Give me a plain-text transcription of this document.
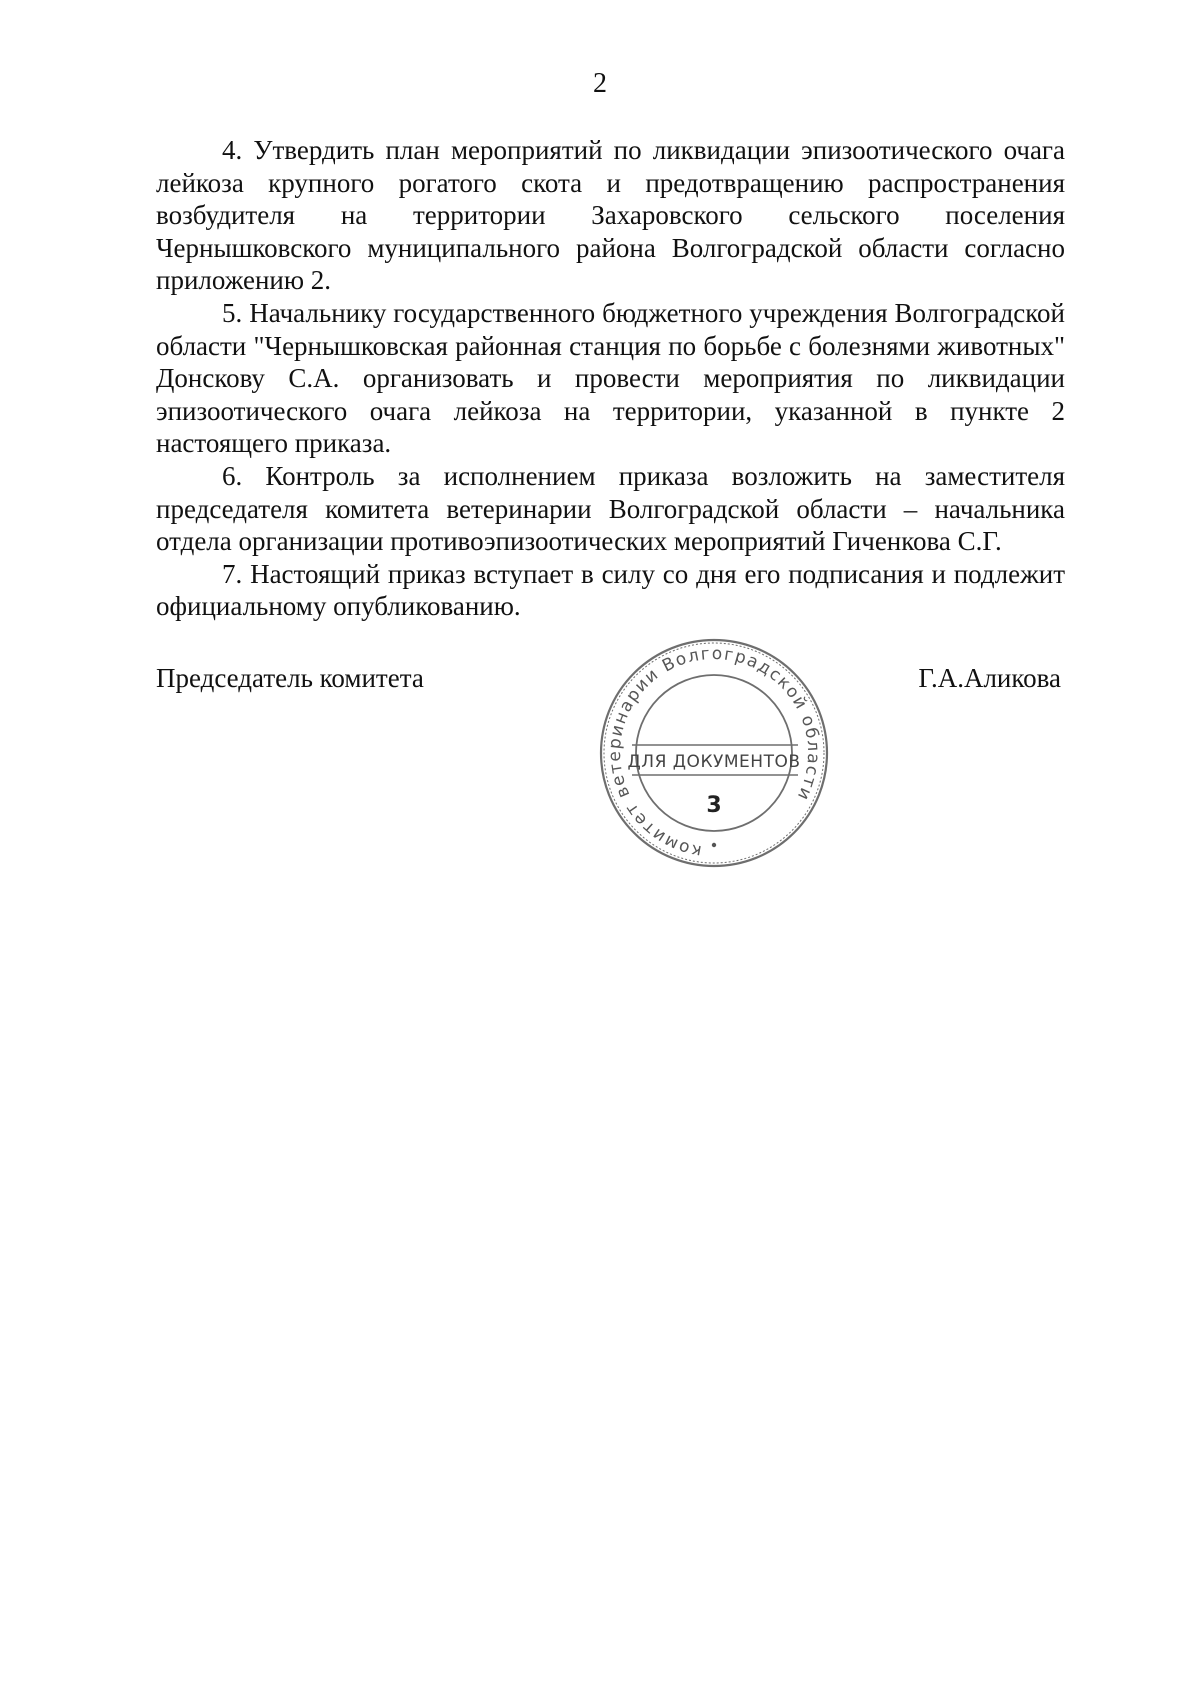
2

4. Утвердить план мероприятий по ликвидации эпизоотического очага лейкоза крупного рогатого скота и предотвращению распространения возбудителя на территории Захаровского сельского поселения Чернышковского муниципального района Волгоградской области согласно приложению 2.

5. Начальнику государственного бюджетного учреждения Волгоградской области "Чернышковская районная станция по борьбе с болезнями животных" Донскову С.А. организовать и провести мероприятия по ликвидации эпизоотического очага лейкоза на территории, указанной в пункте 2 настоящего приказа.

6. Контроль за исполнением приказа возложить на заместителя председателя комитета ветеринарии Волгоградской области – начальника отдела организации противоэпизоотических мероприятий Гиченкова С.Г.

7. Настоящий приказ вступает в силу со дня его подписания и подлежит официальному опубликованию.

Председатель комитета	Г.А.Аликова
комитет ветеринарии Волгоградской области
ДЛЯ ДОКУМЕНТОВ
3
